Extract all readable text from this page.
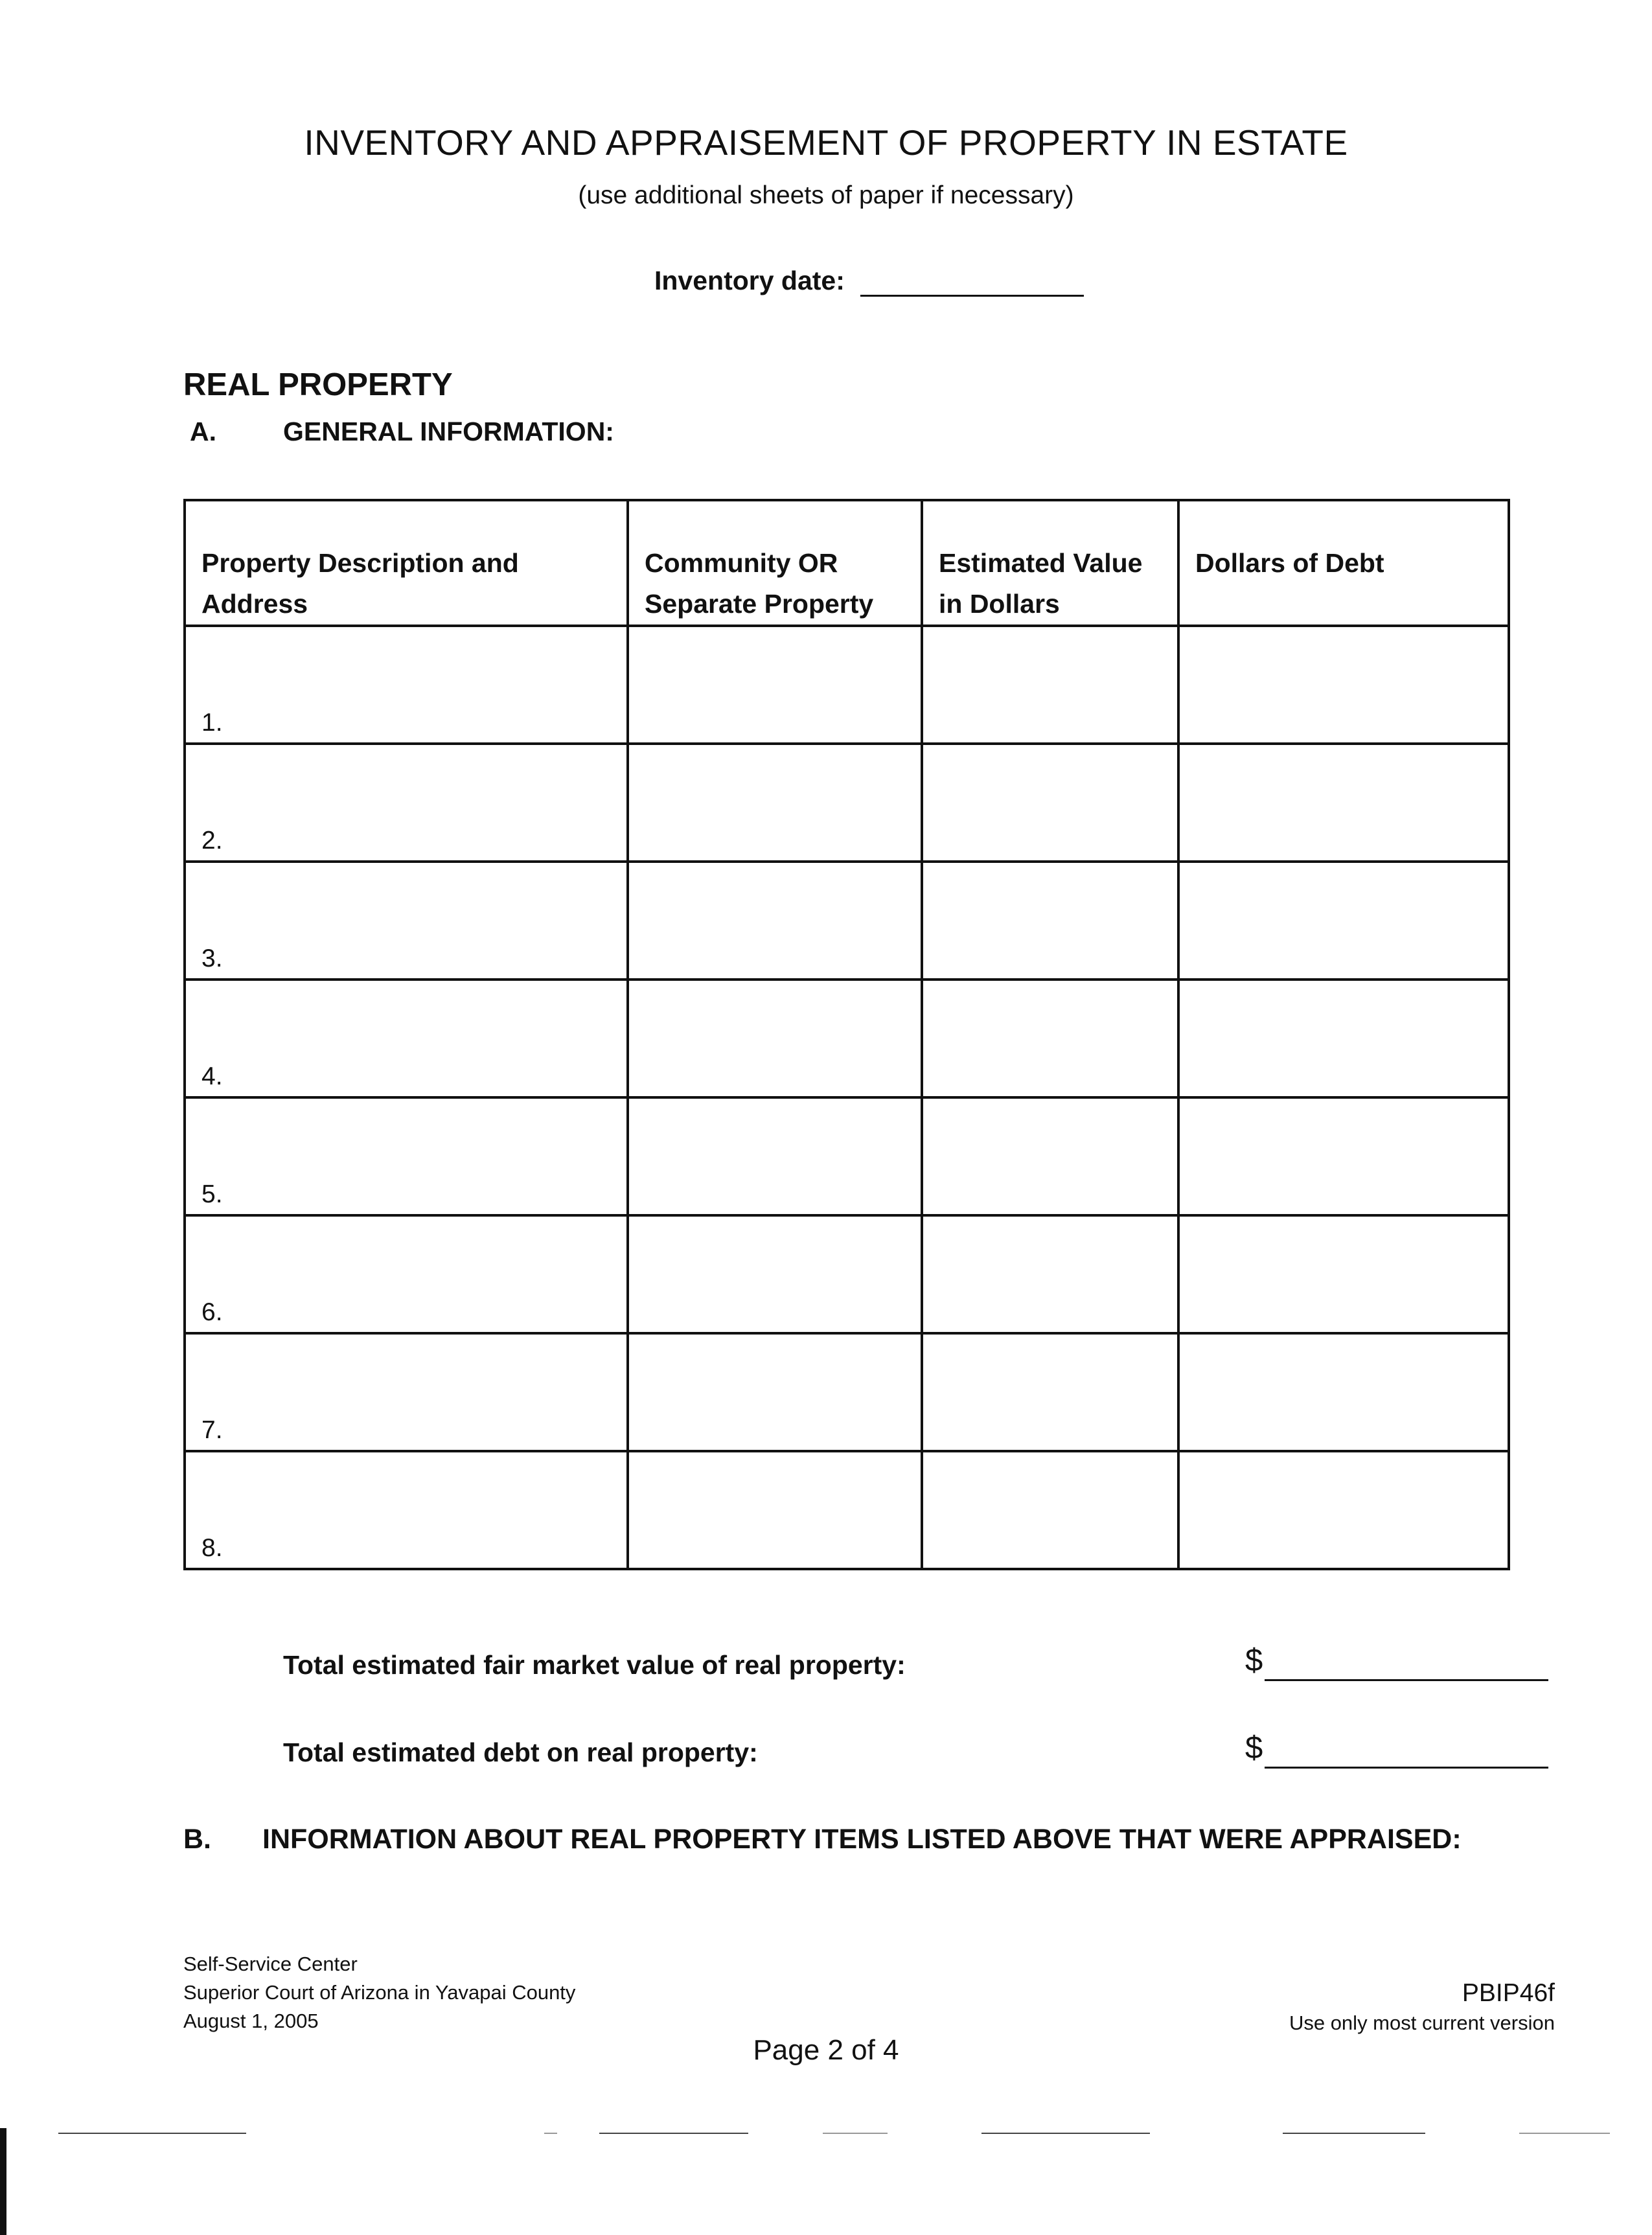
INVENTORY AND APPRAISEMENT OF PROPERTY IN ESTATE
(use additional sheets of paper if necessary)
Inventory date:
REAL PROPERTY
A.	GENERAL INFORMATION:
Property Description and Address	Community OR Separate Property	Estimated Value in Dollars	Dollars of Debt

1.			

2.			

3.			

4.			

5.			

6.			

7.			

8.			

Total estimated fair market value of real property:	$
Total estimated debt on real property:	$
B. INFORMATION ABOUT REAL PROPERTY ITEMS LISTED ABOVE THAT WERE APPRAISED:
Self-Service Center
Superior Court of Arizona in Yavapai County
August 1, 2005
PBIP46f
Use only most current version
Page 2 of 4
